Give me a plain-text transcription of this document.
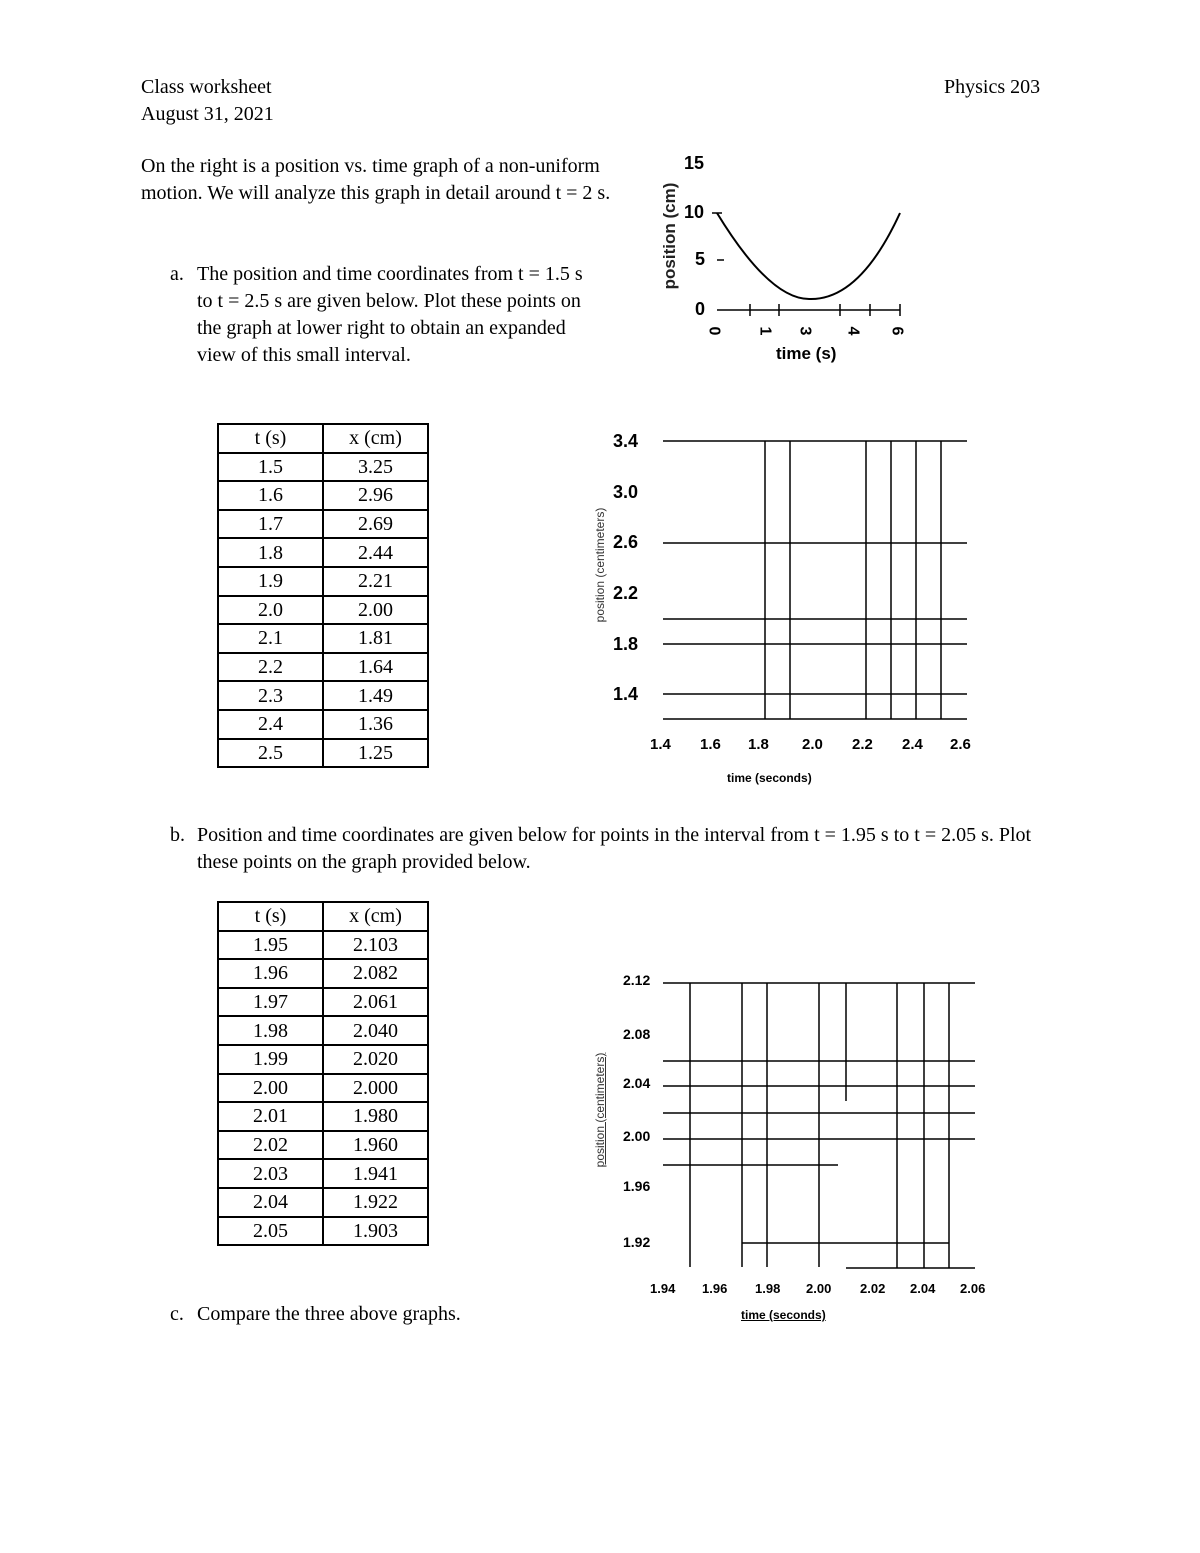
Class worksheet

August 31, 2021

Physics 203

On the right is a position vs. time graph of a non-uniform motion. We will analyze this graph in detail around t = 2 s.

a. The position and time coordinates from t = 1.5 s to t = 2.5 s are given below. Plot these points on the graph at lower right to obtain an expanded view of this small interval.

t (s)	x (cm)
1.5	3.25
1.6	2.96
1.7	2.69
1.8	2.44
1.9	2.21
2.0	2.00
2.1	1.81
2.2	1.64
2.3	1.49
2.4	1.36
2.5	1.25

b. Position and time coordinates are given below for points in the interval from t = 1.95 s to t = 2.05 s. Plot these points on the graph provided below.

t (s)	x (cm)
1.95	2.103
1.96	2.082
1.97	2.061
1.98	2.040
1.99	2.020
2.00	2.000
2.01	1.980
2.02	1.960
2.03	1.941
2.04	1.922
2.05	1.903

c. Compare the three above graphs.

15
10
5
0
position (cm)
0 1 3 4 6
time (s)
3.4
3.0
2.6
2.2
1.8
1.4
1.4 1.6 1.8 2.0 2.2 2.4 2.6
position (centimeters)
time (seconds)
2.12
2.08
2.04
2.00
1.96
1.92
1.94 1.96 1.98 2.00 2.02 2.04 2.06
position (centimeters)
time (seconds)
